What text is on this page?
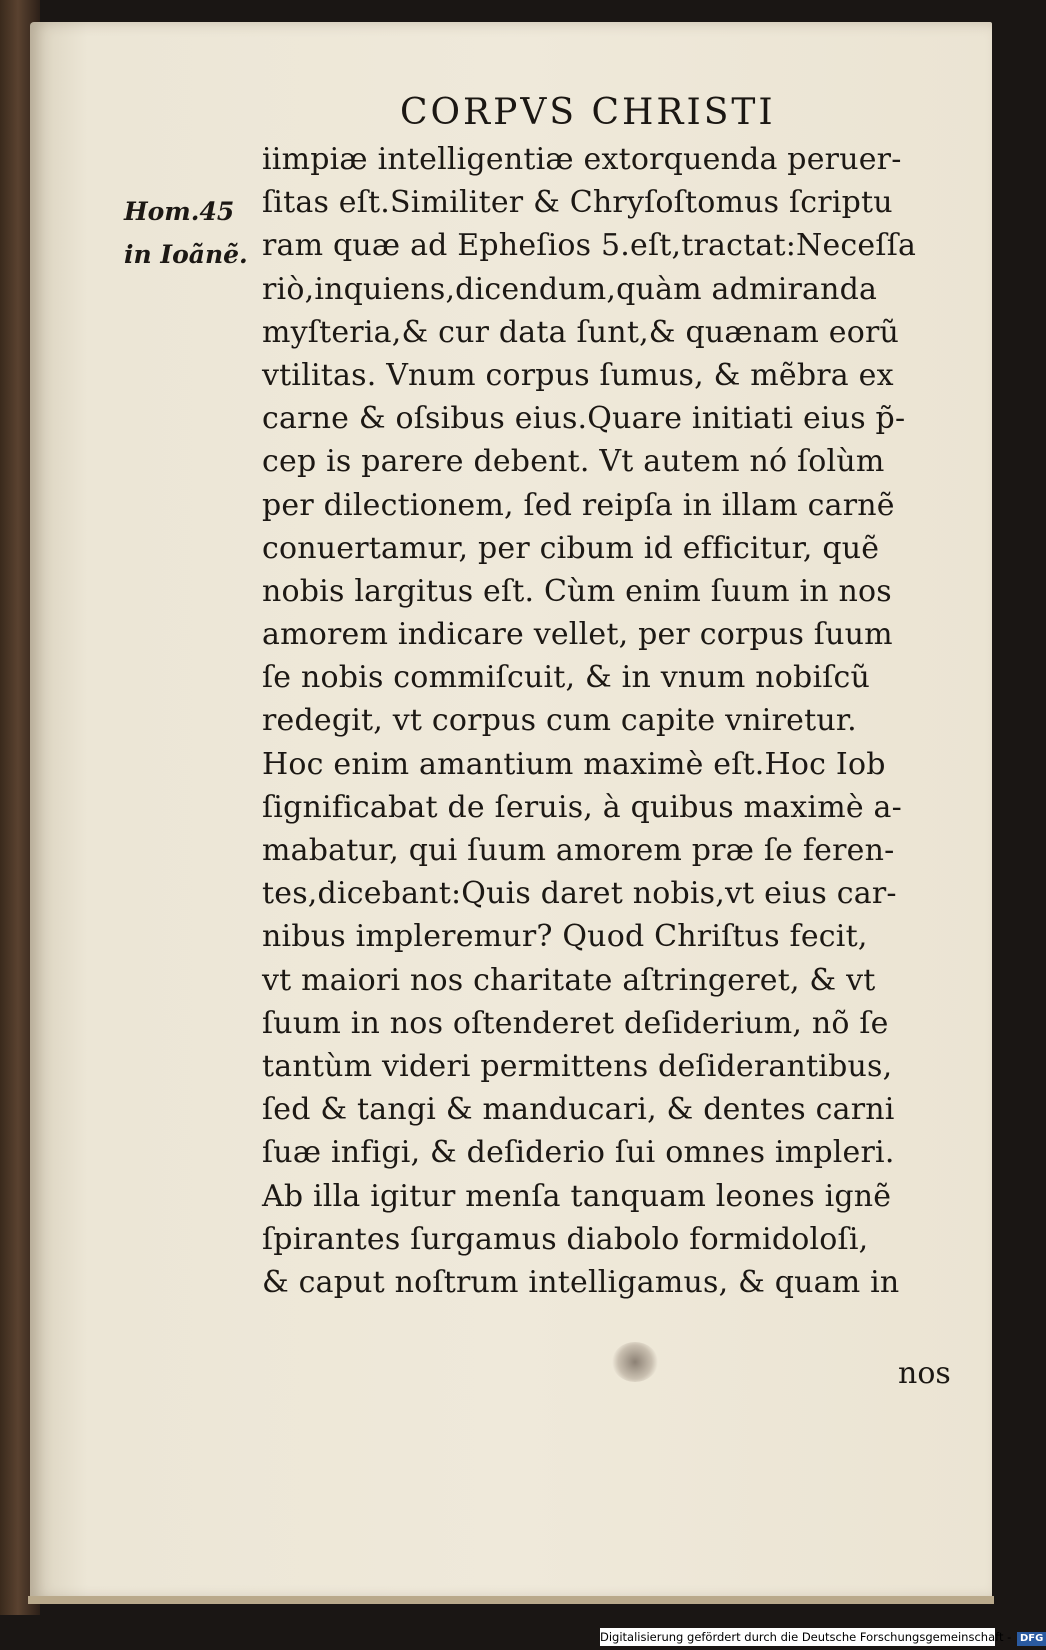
CORPVS CHRISTI
Hom.45
in Ioãnẽ.
iimpiæ intelligentiæ extorquenda peruer-
ſitas eſt.Similiter & Chryſoſtomus ſcriptu
ram quæ ad Epheſios 5.eſt,tractat:Neceſſa
riò,inquiens,dicendum,quàm admiranda
myſteria,& cur data ſunt,& quænam eorũ
vtilitas. Vnum corpus ſumus, & mẽbra ex
carne & oſsibus eius.Quare initiati eius p̃-
cep is parere debent. Vt autem nó ſolùm
per dilectionem, ſed reipſa in illam carnẽ
conuertamur, per cibum id efficitur, quẽ
nobis largitus eſt. Cùm enim ſuum in nos
amorem indicare vellet, per corpus ſuum
ſe nobis commiſcuit, & in vnum nobiſcũ
redegit, vt corpus cum capite vniretur.
Hoc enim amantium maximè eſt.Hoc Iob
ſignificabat de ſeruis, à quibus maximè a-
mabatur, qui ſuum amorem præ ſe feren-
tes,dicebant:Quis daret nobis,vt eius car-
nibus impleremur? Quod Chriſtus fecit,
vt maiori nos charitate aſtringeret, & vt
ſuum in nos oſtenderet deſiderium, nõ ſe
tantùm videri permittens deſiderantibus,
ſed & tangi & manducari, & dentes carni
ſuæ infigi, & deſiderio ſui omnes impleri.
Ab illa igitur menſa tanquam leones ignẽ
ſpirantes ſurgamus diabolo formidoloſi,
& caput noſtrum intelligamus, & quam in
nos
Digitalisierung gefördert durch die Deutsche Forschungsgemeinschaft - DFG
